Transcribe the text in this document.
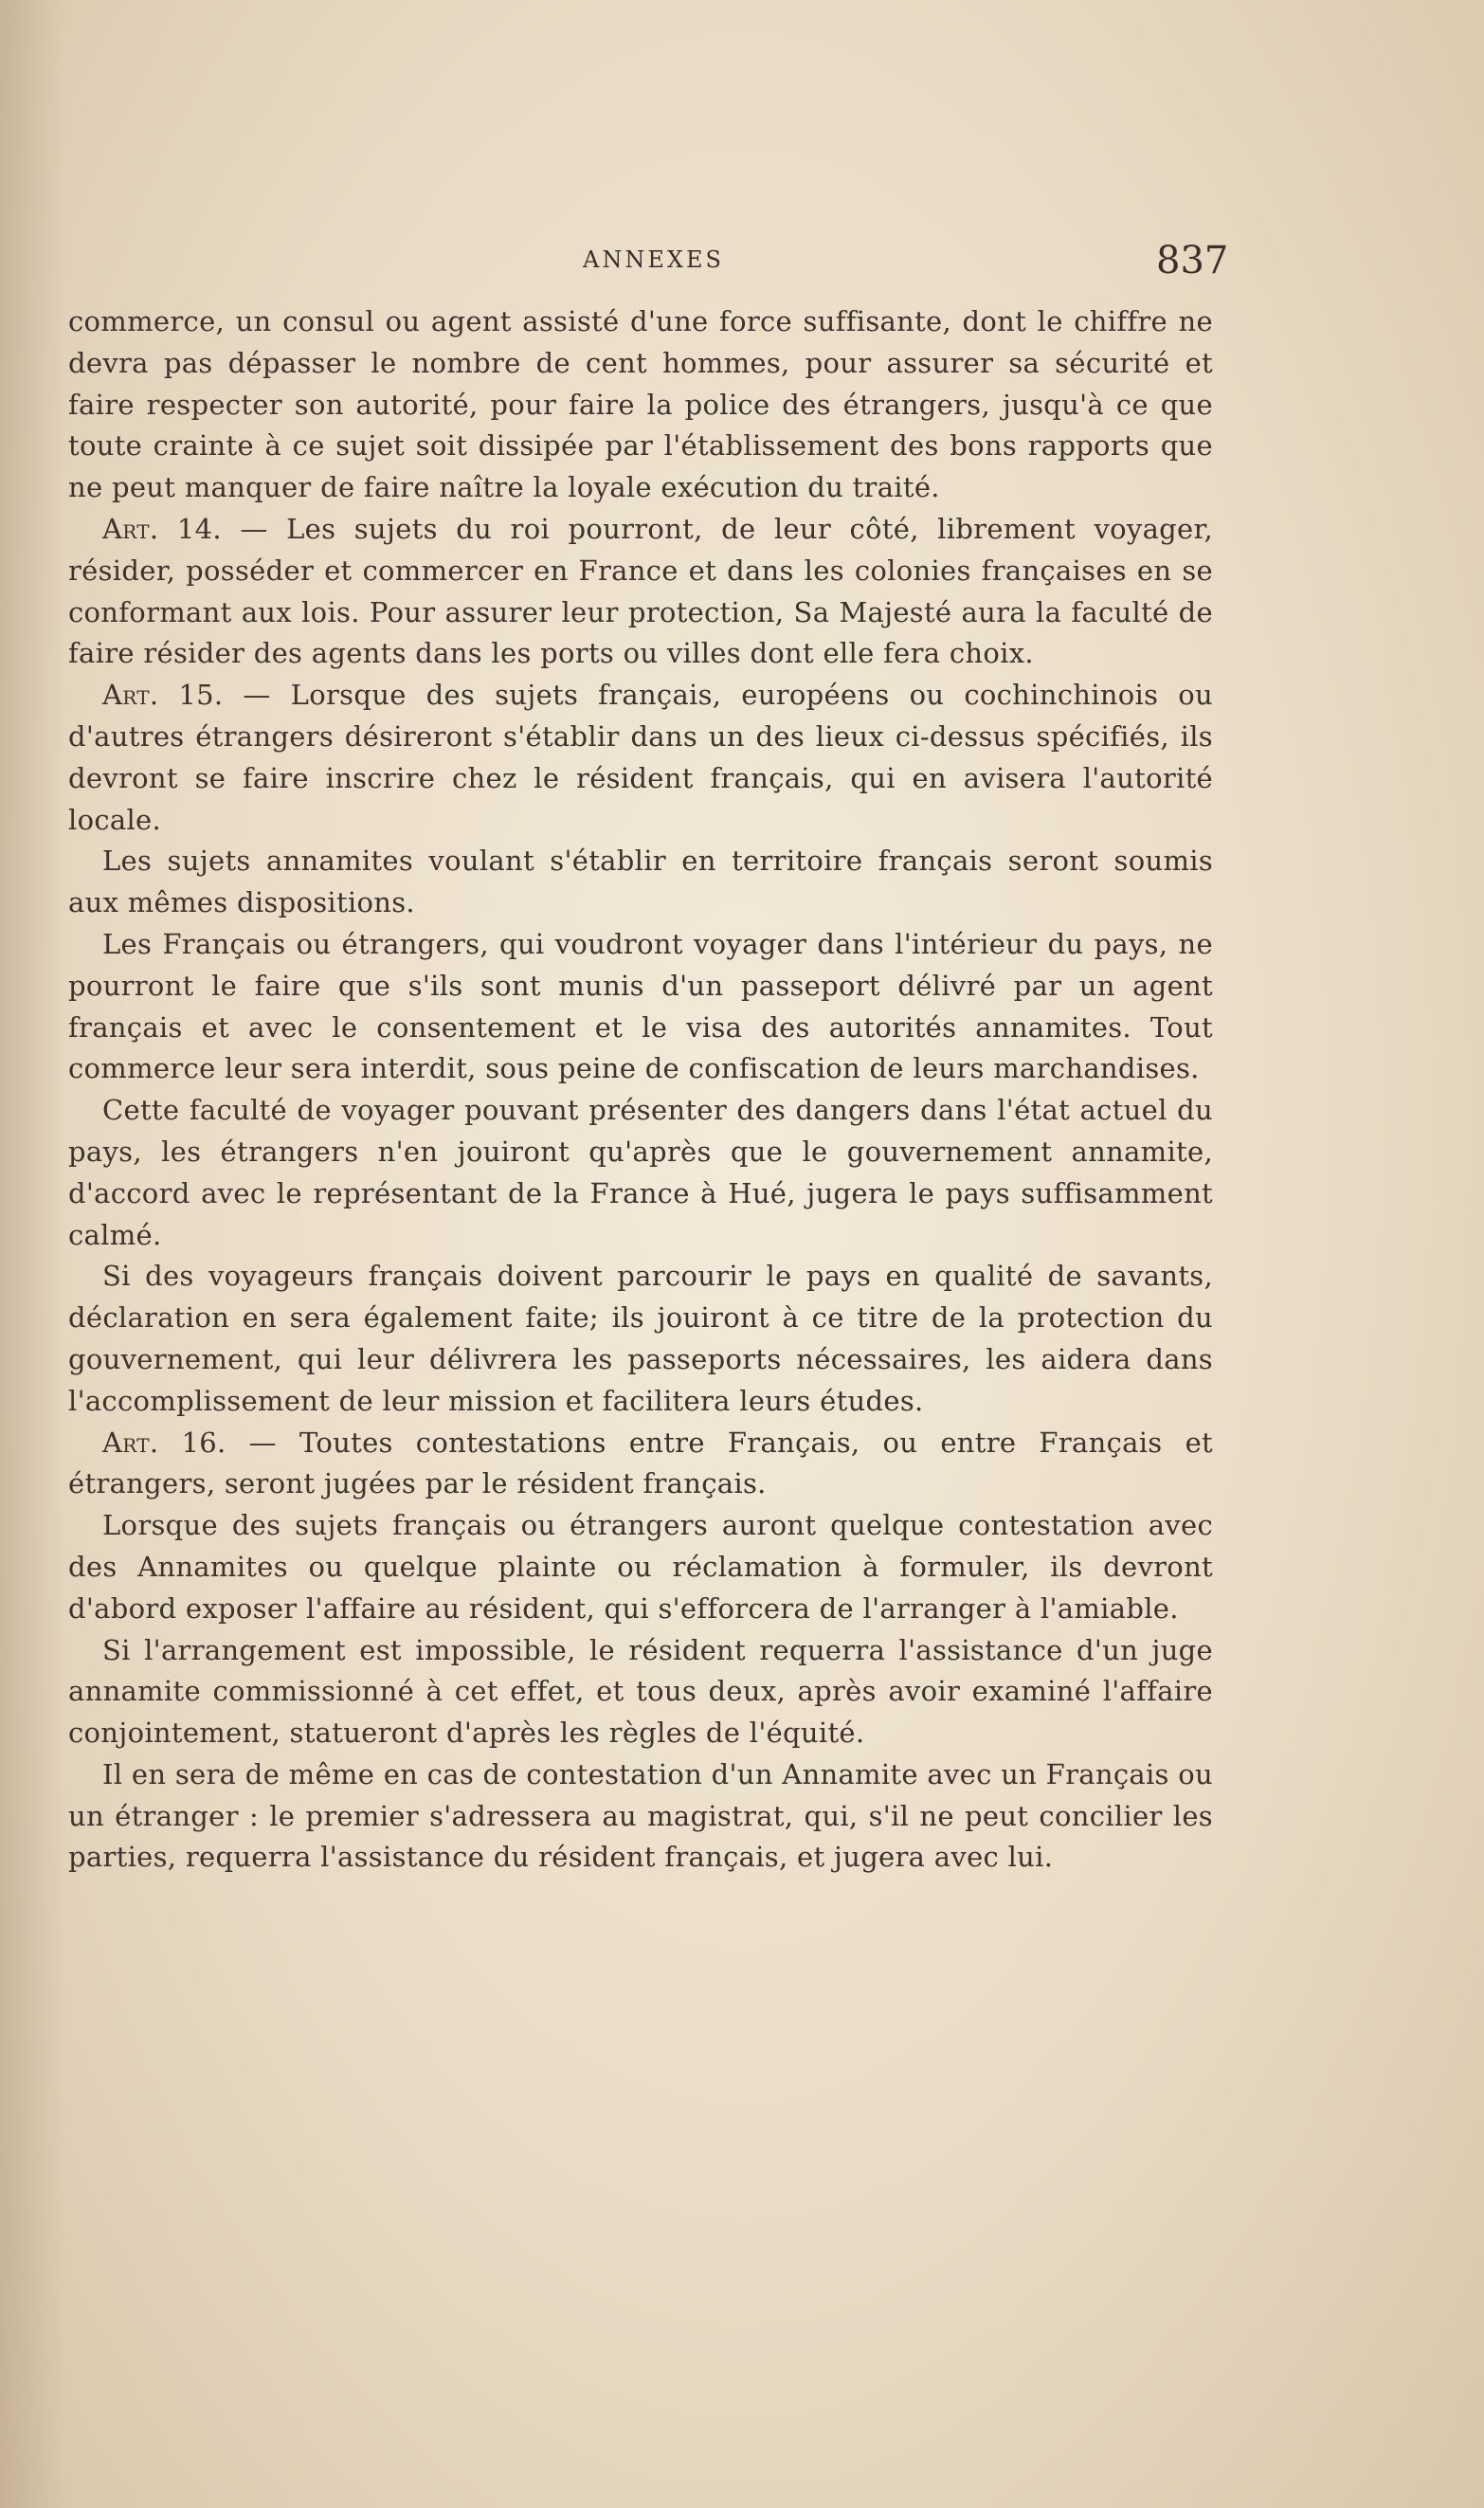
ANNEXES	837

commerce, un consul ou agent assisté d'une force suffisante, dont le chiffre ne devra pas dépasser le nombre de cent hommes, pour assurer sa sécurité et faire respecter son autorité, pour faire la police des étrangers, jusqu'à ce que toute crainte à ce sujet soit dissipée par l'établissement des bons rapports que ne peut manquer de faire naître la loyale exécution du traité.

Art. 14. — Les sujets du roi pourront, de leur côté, librement voyager, résider, posséder et commercer en France et dans les colonies françaises en se conformant aux lois. Pour assurer leur protection, Sa Majesté aura la faculté de faire résider des agents dans les ports ou villes dont elle fera choix.

Art. 15. — Lorsque des sujets français, européens ou cochinchinois ou d'autres étrangers désireront s'établir dans un des lieux ci-dessus spécifiés, ils devront se faire inscrire chez le résident français, qui en avisera l'autorité locale.

Les sujets annamites voulant s'établir en territoire français seront soumis aux mêmes dispositions.

Les Français ou étrangers, qui voudront voyager dans l'intérieur du pays, ne pourront le faire que s'ils sont munis d'un passeport délivré par un agent français et avec le consentement et le visa des autorités annamites. Tout commerce leur sera interdit, sous peine de confiscation de leurs marchandises.

Cette faculté de voyager pouvant présenter des dangers dans l'état actuel du pays, les étrangers n'en jouiront qu'après que le gouvernement annamite, d'accord avec le représentant de la France à Hué, jugera le pays suffisamment calmé.

Si des voyageurs français doivent parcourir le pays en qualité de savants, déclaration en sera également faite; ils jouiront à ce titre de la protection du gouvernement, qui leur délivrera les passeports nécessaires, les aidera dans l'accomplissement de leur mission et facilitera leurs études.

Art. 16. — Toutes contestations entre Français, ou entre Français et étrangers, seront jugées par le résident français.

Lorsque des sujets français ou étrangers auront quelque contestation avec des Annamites ou quelque plainte ou réclamation à formuler, ils devront d'abord exposer l'affaire au résident, qui s'efforcera de l'arranger à l'amiable.

Si l'arrangement est impossible, le résident requerra l'assistance d'un juge annamite commissionné à cet effet, et tous deux, après avoir examiné l'affaire conjointement, statueront d'après les règles de l'équité.

Il en sera de même en cas de contestation d'un Annamite avec un Français ou un étranger : le premier s'adressera au magistrat, qui, s'il ne peut concilier les parties, requerra l'assistance du résident français, et jugera avec lui.
